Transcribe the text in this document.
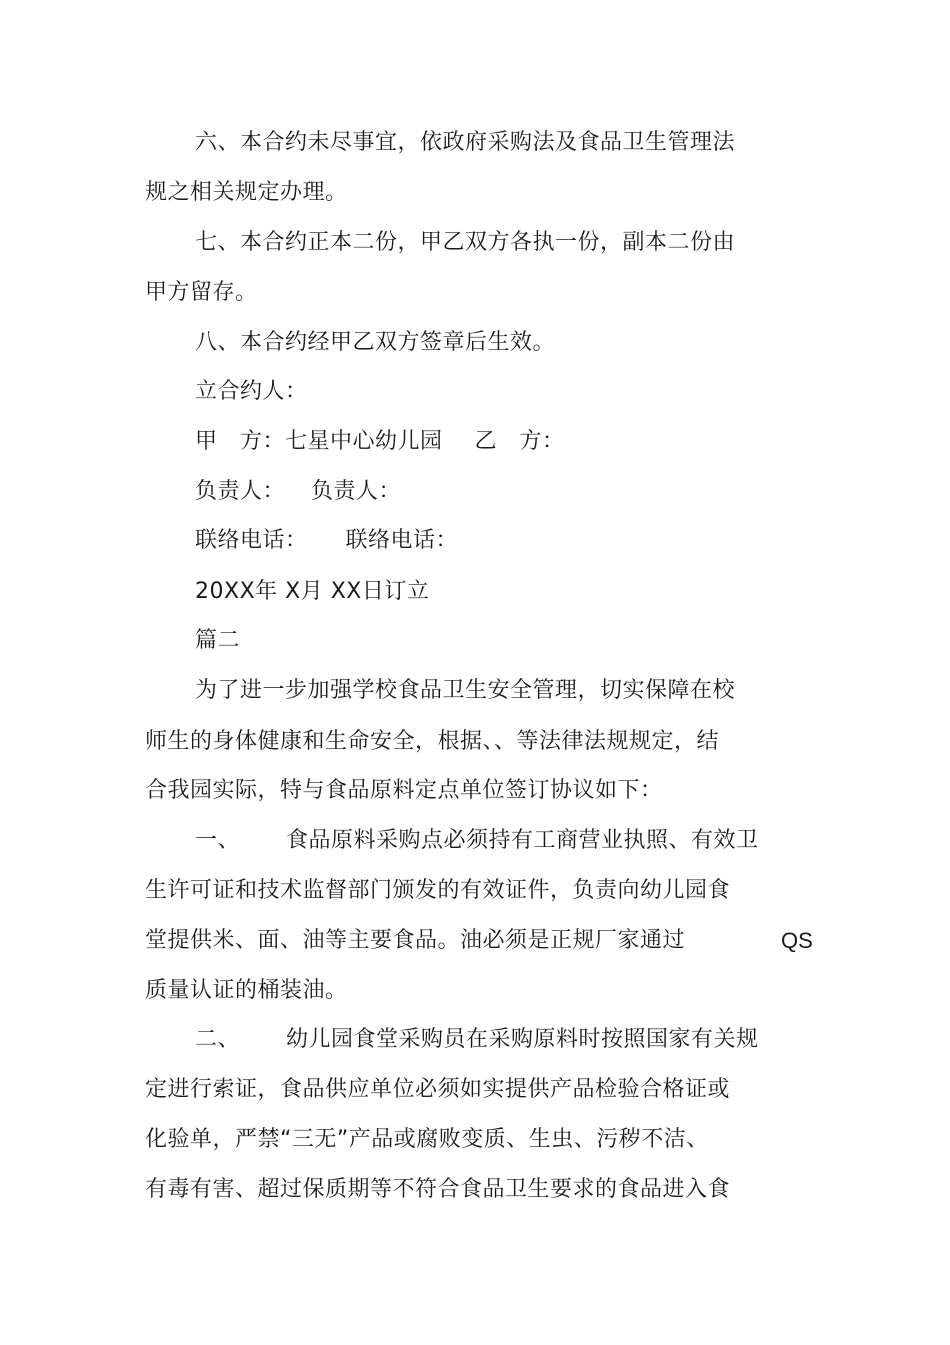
六、本合约未尽事宜，依政府采购法及食品卫生管理法
规之相关规定办理。
七、本合约正本二份，甲乙双方各执一份，副本二份由
甲方留存。
八、本合约经甲乙双方签章后生效。
立合约人：
甲　方：七星中心幼儿园 乙　方：
负责人： 负责人：
联络电话： 联络电话：
20XX年 X月 XX日订立
篇二
为了进一步加强学校食品卫生安全管理，切实保障在校
师生的身体健康和生命安全，根据、、等法律法规规定，结
合我园实际，特与食品原料定点单位签订协议如下：
一、 食品原料采购点必须持有工商营业执照、有效卫
生许可证和技术监督部门颁发的有效证件，负责向幼儿园食
堂提供米、面、油等主要食品。油必须是正规厂家通过	QS
质量认证的桶装油。
二、 幼儿园食堂采购员在采购原料时按照国家有关规
定进行索证，食品供应单位必须如实提供产品检验合格证或
化验单，严禁“三无”产品或腐败变质、生虫、污秽不洁、
有毒有害、超过保质期等不符合食品卫生要求的食品进入食
